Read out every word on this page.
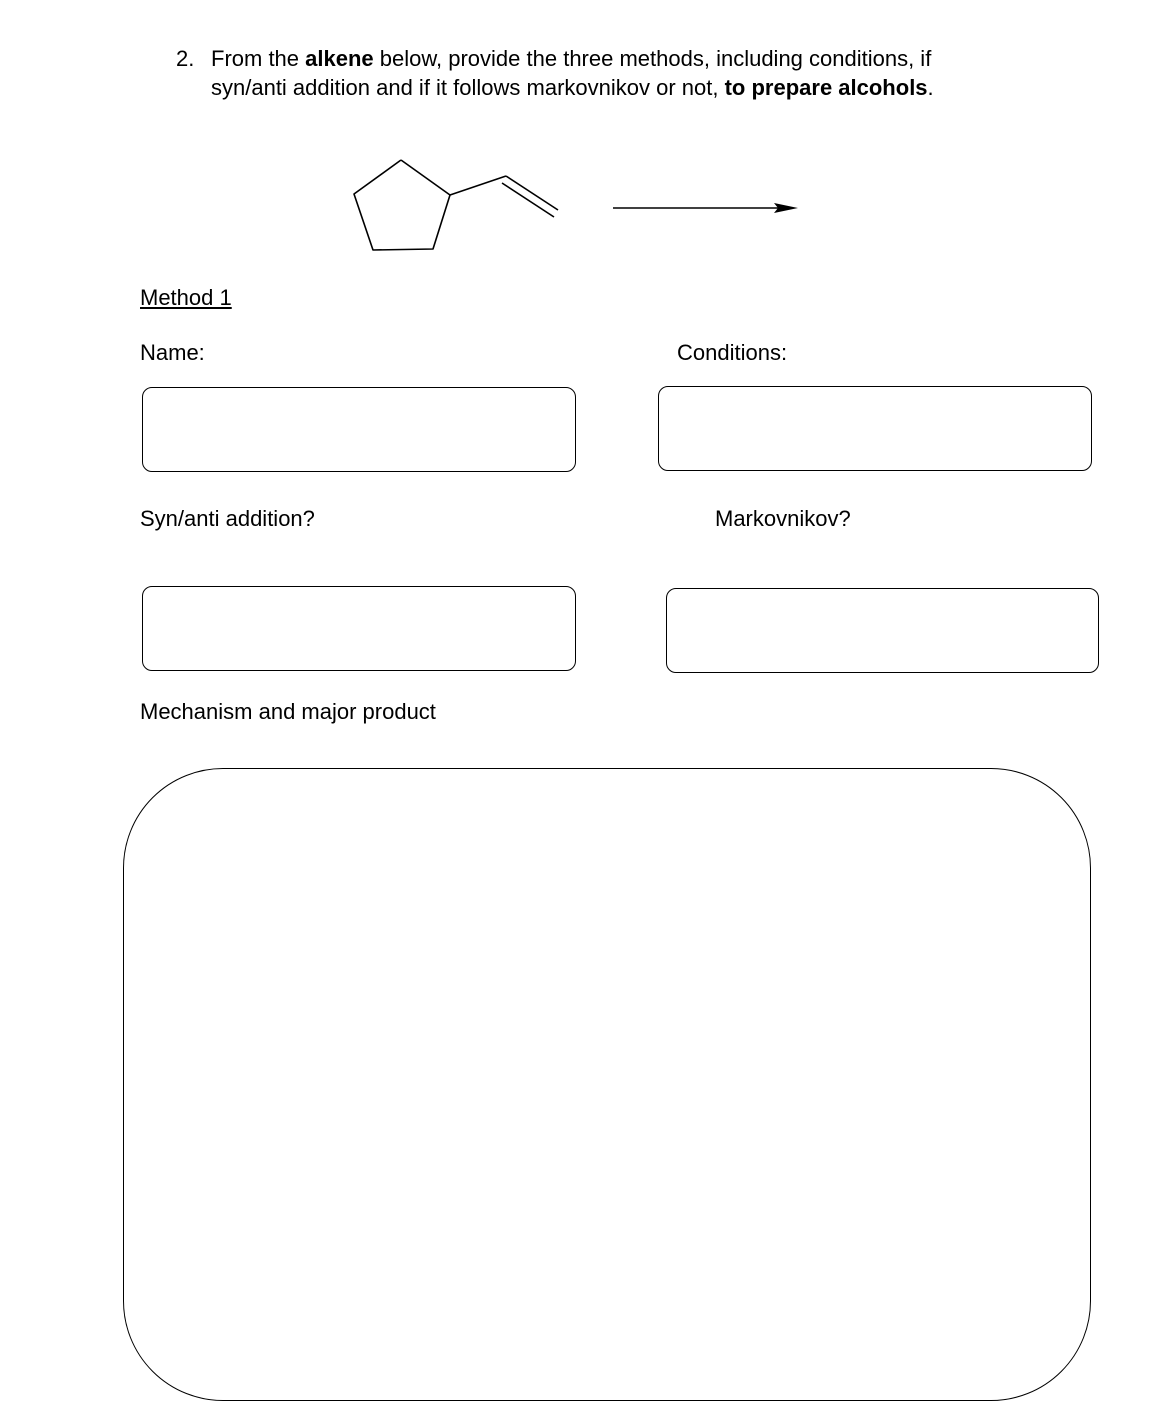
2. From the alkene below, provide the three methods, including conditions, if
syn/anti addition and if it follows markovnikov or not, to prepare alcohols.
Method 1
Name:	Conditions:
Syn/anti addition?	Markovnikov?
Mechanism and major product
